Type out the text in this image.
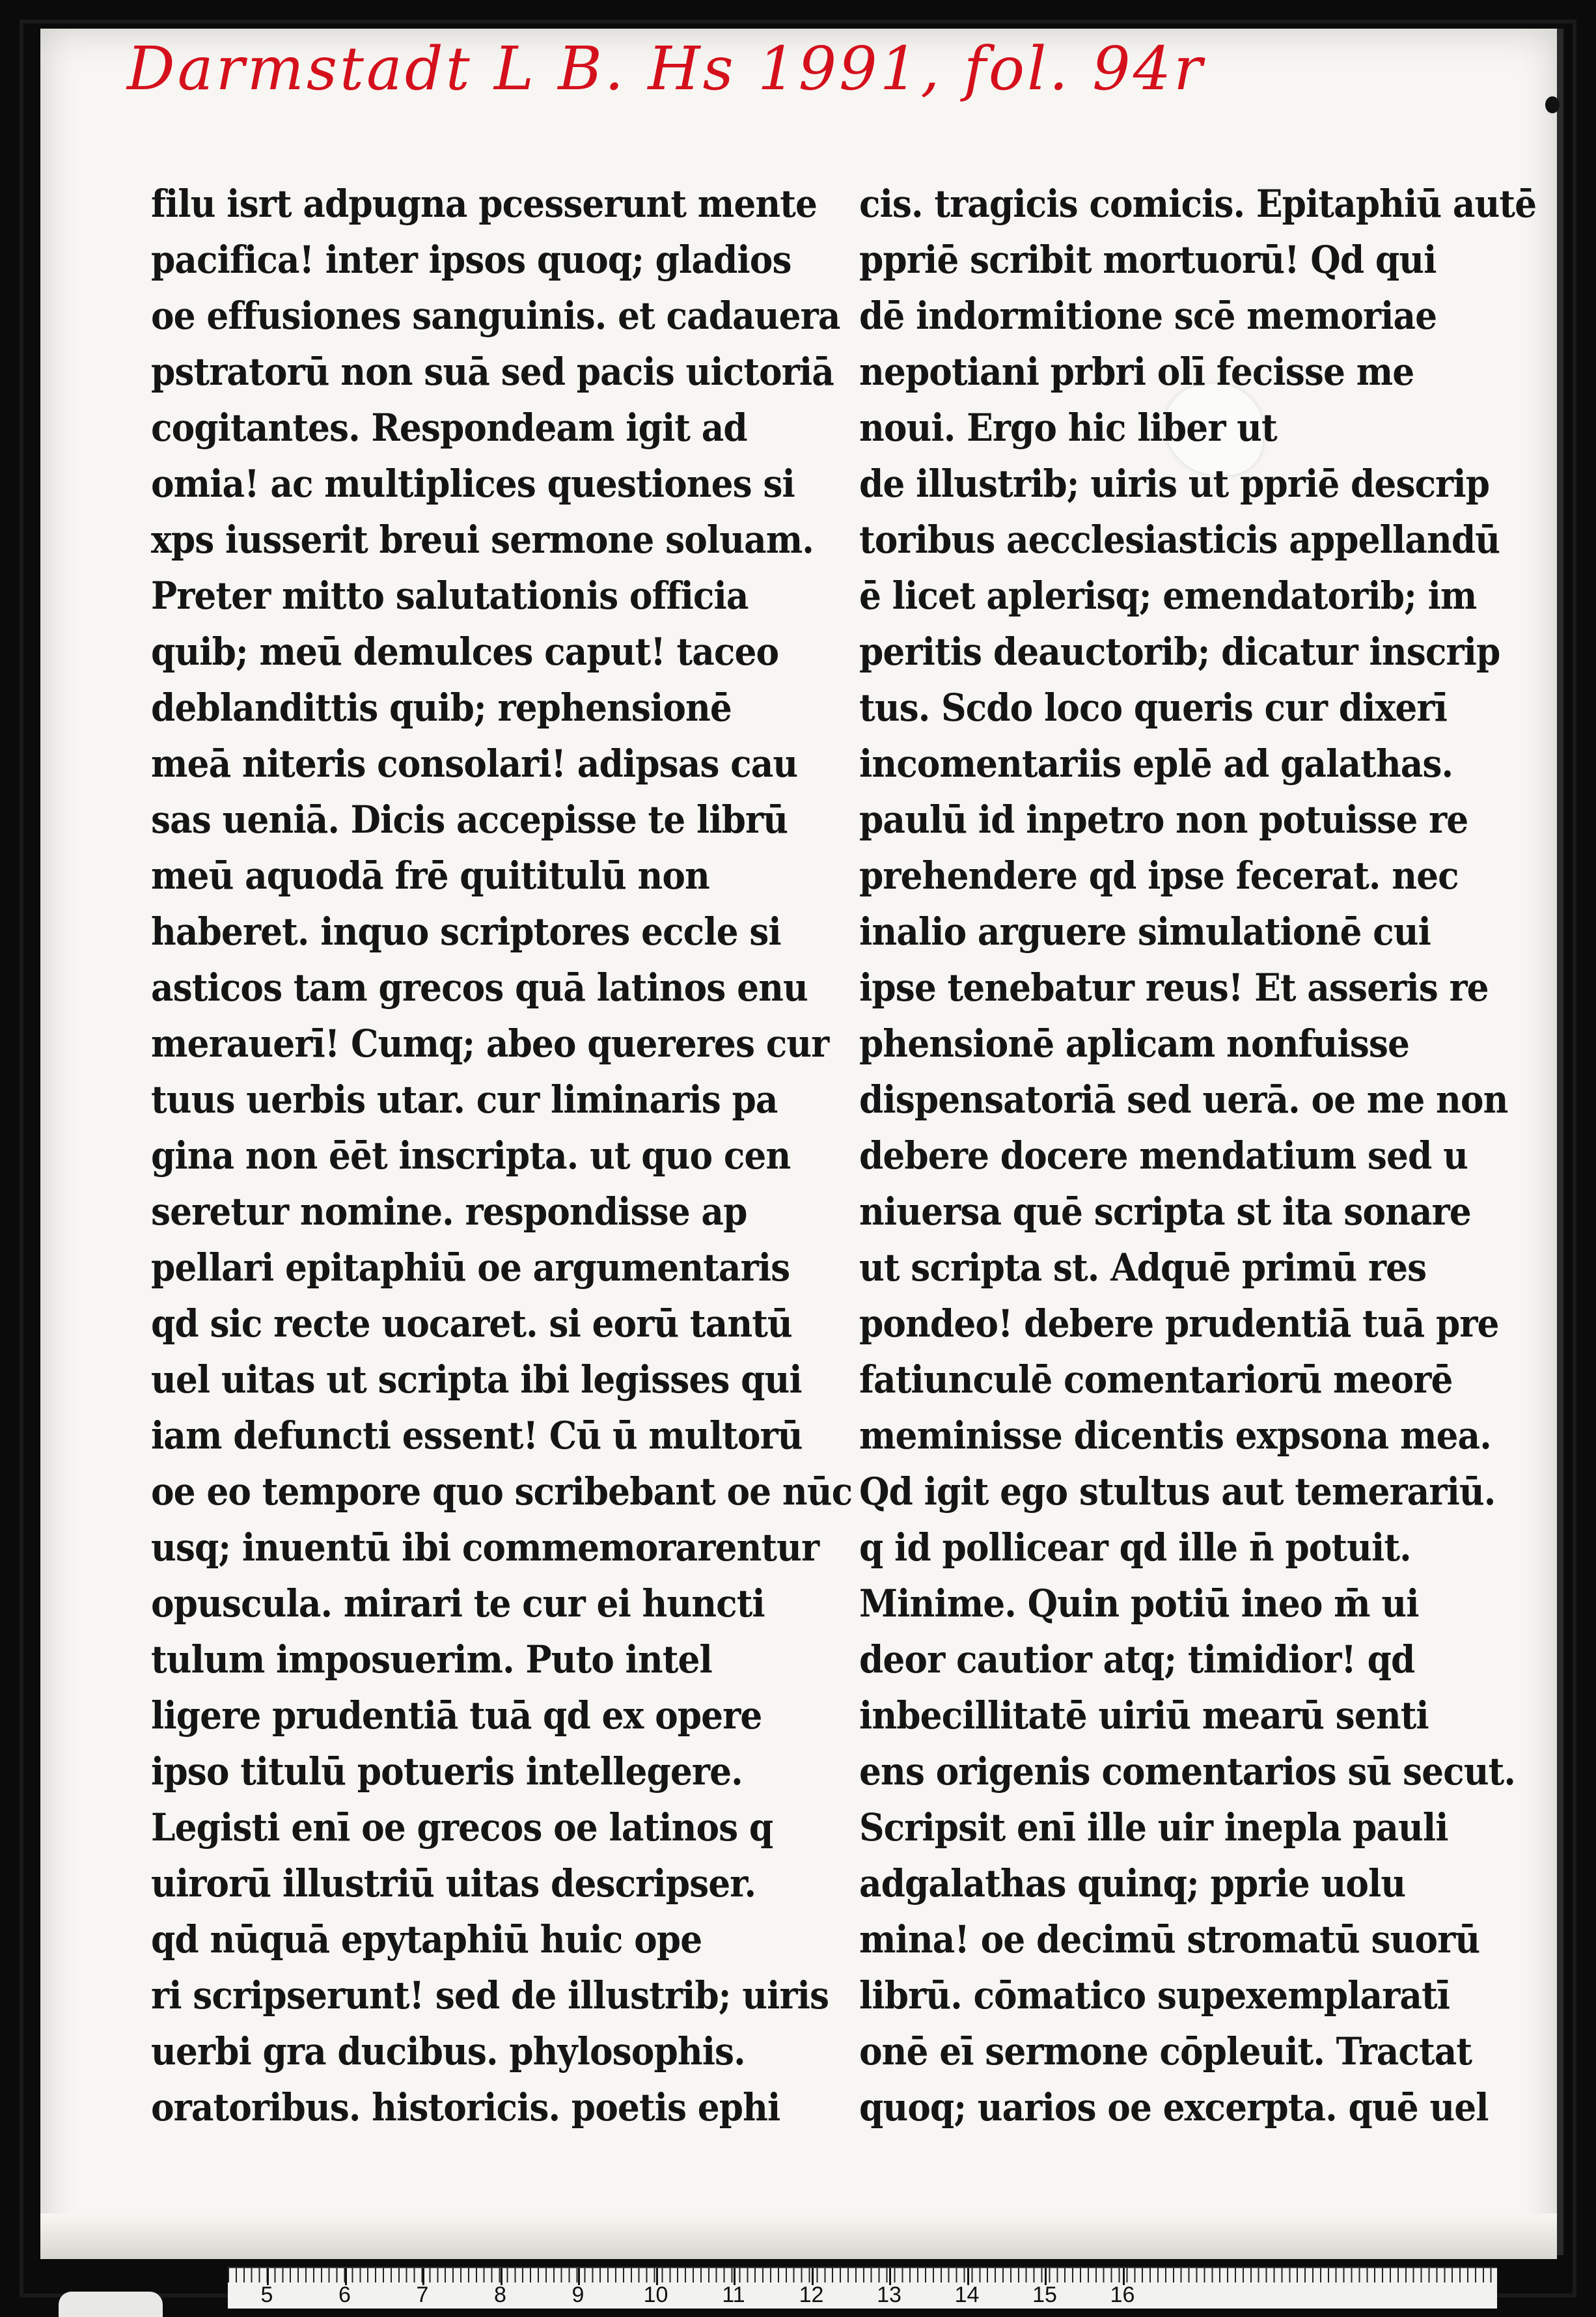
Darmstadt L B. Hs 1991, fol. 94r
filu isrt adpugna pcesserunt mente
pacifica! inter ipsos quoq; gladios
oe effusiones sanguinis. et cadauera
pstratorū non suā sed pacis uictoriā
cogitantes. Respondeam igit ad
omia! ac multiplices questiones si
xps iusserit breui sermone soluam.
Preter mitto salutationis officia
quib; meū demulces caput! taceo
deblandittis quib; rephensionē
meā niteris consolari! adipsas cau
sas ueniā. Dicis accepisse te librū
meū aquodā frē quititulū non
haberet. inquo scriptores eccle si
asticos tam grecos quā latinos enu
merauerī! Cumq; abeo quereres cur
tuus uerbis utar. cur liminaris pa
gina non ēēt inscripta. ut quo cen
seretur nomine. respondisse ap
pellari epitaphiū oe argumentaris
qd sic recte uocaret. si eorū tantū
uel uitas ut scripta ibi legisses qui
iam defuncti essent! Cū ū multorū
oe eo tempore quo scribebant oe nūc
usq; inuentū ibi commemorarentur
opuscula. mirari te cur ei huncti
tulum imposuerim. Puto intel
ligere prudentiā tuā qd ex opere
ipso titulū potueris intellegere.
Legisti enī oe grecos oe latinos q
uirorū illustriū uitas descripser.
qd nūquā epytaphiū huic ope
ri scripserunt! sed de illustrib; uiris
uerbi gra ducibus. phylosophis.
oratoribus. historicis. poetis ephi
cis. tragicis comicis. Epitaphiū autē
ppriē scribit mortuorū! Qd qui
dē indormitione scē memoriae
nepotiani prbri olī fecisse me
noui. Ergo hic liber ut
de illustrib; uiris ut ppriē descrip
toribus aecclesiasticis appellandū
ē licet aplerisq; emendatorib; im
peritis deauctorib; dicatur inscrip
tus. Scdo loco queris cur dixerī
incomentariis eplē ad galathas.
paulū id inpetro non potuisse re
prehendere qd ipse fecerat. nec
inalio arguere simulationē cui
ipse tenebatur reus! Et asseris re
phensionē aplicam nonfuisse
dispensatoriā sed uerā. oe me non
debere docere mendatium sed u
niuersa quē scripta st ita sonare
ut scripta st. Adquē primū res
pondeo! debere prudentiā tuā pre
fatiunculē comentariorū meorē
meminisse dicentis expsona mea.
Qd igit ego stultus aut temerariū.
q id pollicear qd ille n̄ potuit.
Minime. Quin potiū ineo m̄ ui
deor cautior atq; timidior! qd
inbecillitatē uiriū mearū senti
ens origenis comentarios sū secut.
Scripsit enī ille uir inepla pauli
adgalathas quinq; pprie uolu
mina! oe decimū stromatū suorū
librū. cōmatico supexemplaratī
onē eī sermone cōpleuit. Tractat
quoq; uarios oe excerpta. quē uel
5	6	7	8	9	10 11 12 13 14 15 16
